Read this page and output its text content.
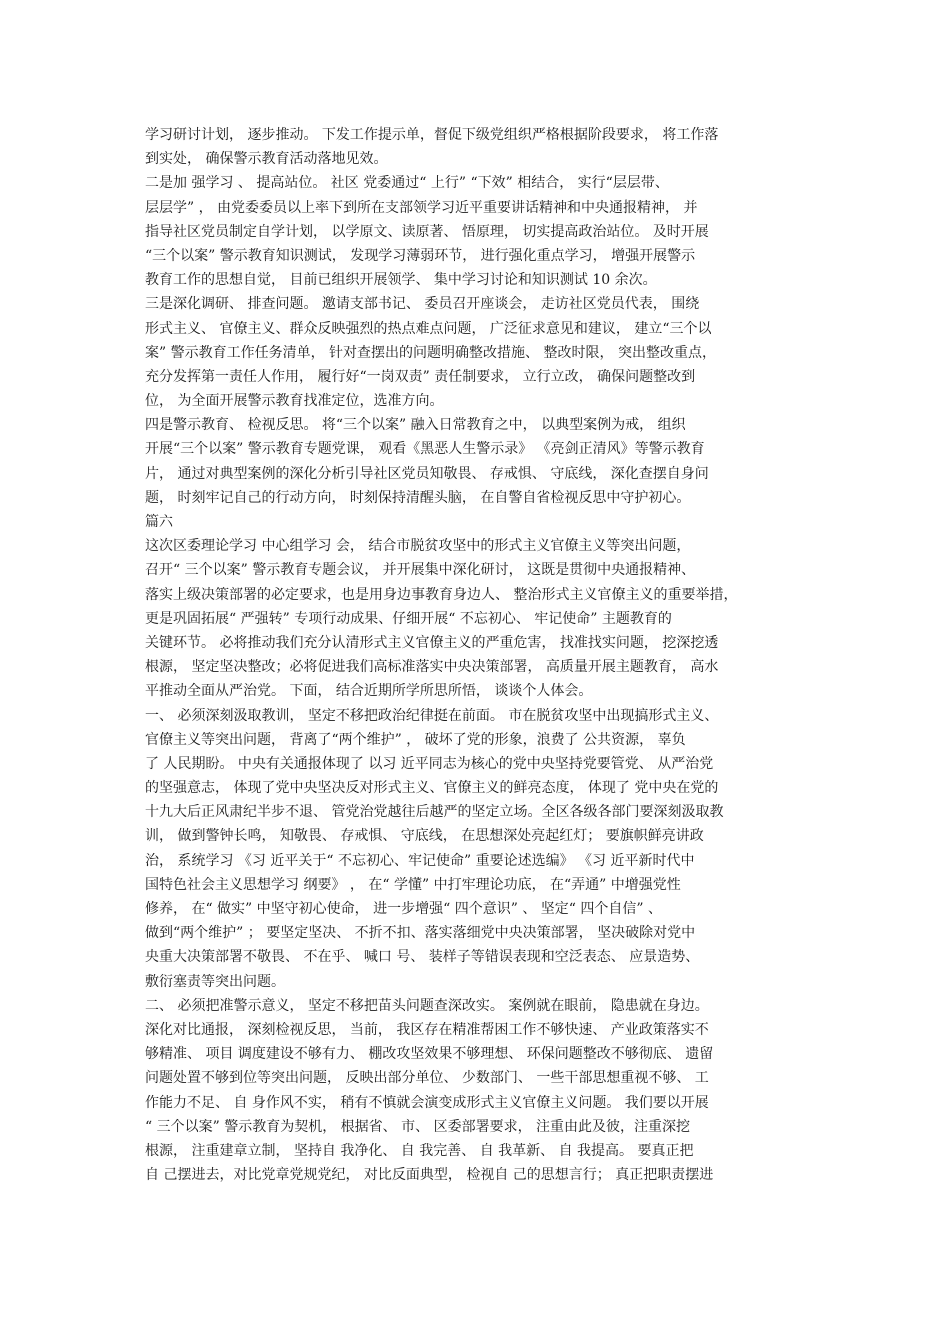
学习研讨计划， 逐步推动。 下发工作提示单，督促下级党组织严格根据阶段要求， 将工作落
到实处， 确保警示教育活动落地见效。
二是加 强学习 、 提高站位。 社区 党委通过“ 上行” “下效” 相结合， 实行“层层带、
层层学” ， 由党委委员以上率下到所在支部领学习近平重要讲话精神和中央通报精神， 并
指导社区党员制定自学计划， 以学原文、读原著、 悟原理， 切实提高政治站位。 及时开展
“三个以案” 警示教育知识测试， 发现学习薄弱环节， 进行强化重点学习， 增强开展警示
教育工作的思想自觉， 目前已组织开展领学、 集中学习讨论和知识测试 10 余次。
三是深化调研、 排查问题。 邀请支部书记、 委员召开座谈会， 走访社区党员代表， 围绕
形式主义、 官僚主义、群众反映强烈的热点难点问题， 广泛征求意见和建议， 建立“三个以
案” 警示教育工作任务清单， 针对查摆出的问题明确整改措施、 整改时限， 突出整改重点，
充分发挥第一责任人作用， 履行好“一岗双责” 责任制要求， 立行立改， 确保问题整改到
位， 为全面开展警示教育找准定位，选准方向。
四是警示教育、 检视反思。 将“三个以案” 融入日常教育之中， 以典型案例为戒， 组织
开展“三个以案” 警示教育专题党课， 观看《黑恶人生警示录》 《亮剑正清风》等警示教育
片， 通过对典型案例的深化分析引导社区党员知敬畏、 存戒惧、 守底线， 深化查摆自身问
题， 时刻牢记自己的行动方向， 时刻保持清醒头脑， 在自警自省检视反思中守护初心。
篇六
这次区委理论学习 中心组学习 会， 结合市脱贫攻坚中的形式主义官僚主义等突出问题，
召开“ 三个以案” 警示教育专题会议， 并开展集中深化研讨， 这既是贯彻中央通报精神、
落实上级决策部署的必定要求，也是用身边事教育身边人、 整治形式主义官僚主义的重要举措，
更是巩固拓展“ 严强转” 专项行动成果、仔细开展“ 不忘初心、 牢记使命” 主题教育的
关键环节。 必将推动我们充分认清形式主义官僚主义的严重危害， 找准找实问题， 挖深挖透
根源， 坚定坚决整改；必将促进我们高标准落实中央决策部署， 高质量开展主题教育， 高水
平推动全面从严治党。 下面， 结合近期所学所思所悟， 谈谈个人体会。
一、 必须深刻汲取教训， 坚定不移把政治纪律挺在前面。 市在脱贫攻坚中出现搞形式主义、
官僚主义等突出问题， 背离了“两个维护” ， 破坏了党的形象，浪费了 公共资源， 辜负
了 人民期盼。 中央有关通报体现了 以习 近平同志为核心的党中央坚持党要管党、 从严治党
的坚强意志， 体现了党中央坚决反对形式主义、官僚主义的鲜亮态度， 体现了 党中央在党的
十九大后正风肃纪半步不退、 管党治党越往后越严的坚定立场。全区各级各部门要深刻汲取教
训， 做到警钟长鸣， 知敬畏、 存戒惧、 守底线， 在思想深处亮起红灯； 要旗帜鲜亮讲政
治， 系统学习 《习 近平关于“ 不忘初心、牢记使命” 重要论述选编》 《习 近平新时代中
国特色社会主义思想学习 纲要》 ， 在“ 学懂” 中打牢理论功底， 在“弄通” 中增强党性
修养， 在“ 做实” 中坚守初心使命， 进一步增强“ 四个意识” 、 坚定“ 四个自信” 、
做到“两个维护” ； 要坚定坚决、 不折不扣、落实落细党中央决策部署， 坚决破除对党中
央重大决策部署不敬畏、 不在乎、 喊口 号、 装样子等错误表现和空泛表态、 应景造势、
敷衍塞责等突出问题。
二、 必须把准警示意义， 坚定不移把苗头问题查深改实。 案例就在眼前， 隐患就在身边。
深化对比通报， 深刻检视反思， 当前， 我区存在精准帮困工作不够快速、 产业政策落实不
够精准、 项目 调度建设不够有力、 棚改攻坚效果不够理想、 环保问题整改不够彻底、 遗留
问题处置不够到位等突出问题， 反映出部分单位、 少数部门、 一些干部思想重视不够、 工
作能力不足、 自 身作风不实， 稍有不慎就会演变成形式主义官僚主义问题。 我们要以开展
“ 三个以案” 警示教育为契机， 根据省、 市、 区委部署要求， 注重由此及彼，注重深挖
根源， 注重建章立制， 坚持自 我净化、 自 我完善、 自 我革新、 自 我提高。 要真正把
自 己摆进去，对比党章党规党纪， 对比反面典型， 检视自 己的思想言行； 真正把职责摆进
